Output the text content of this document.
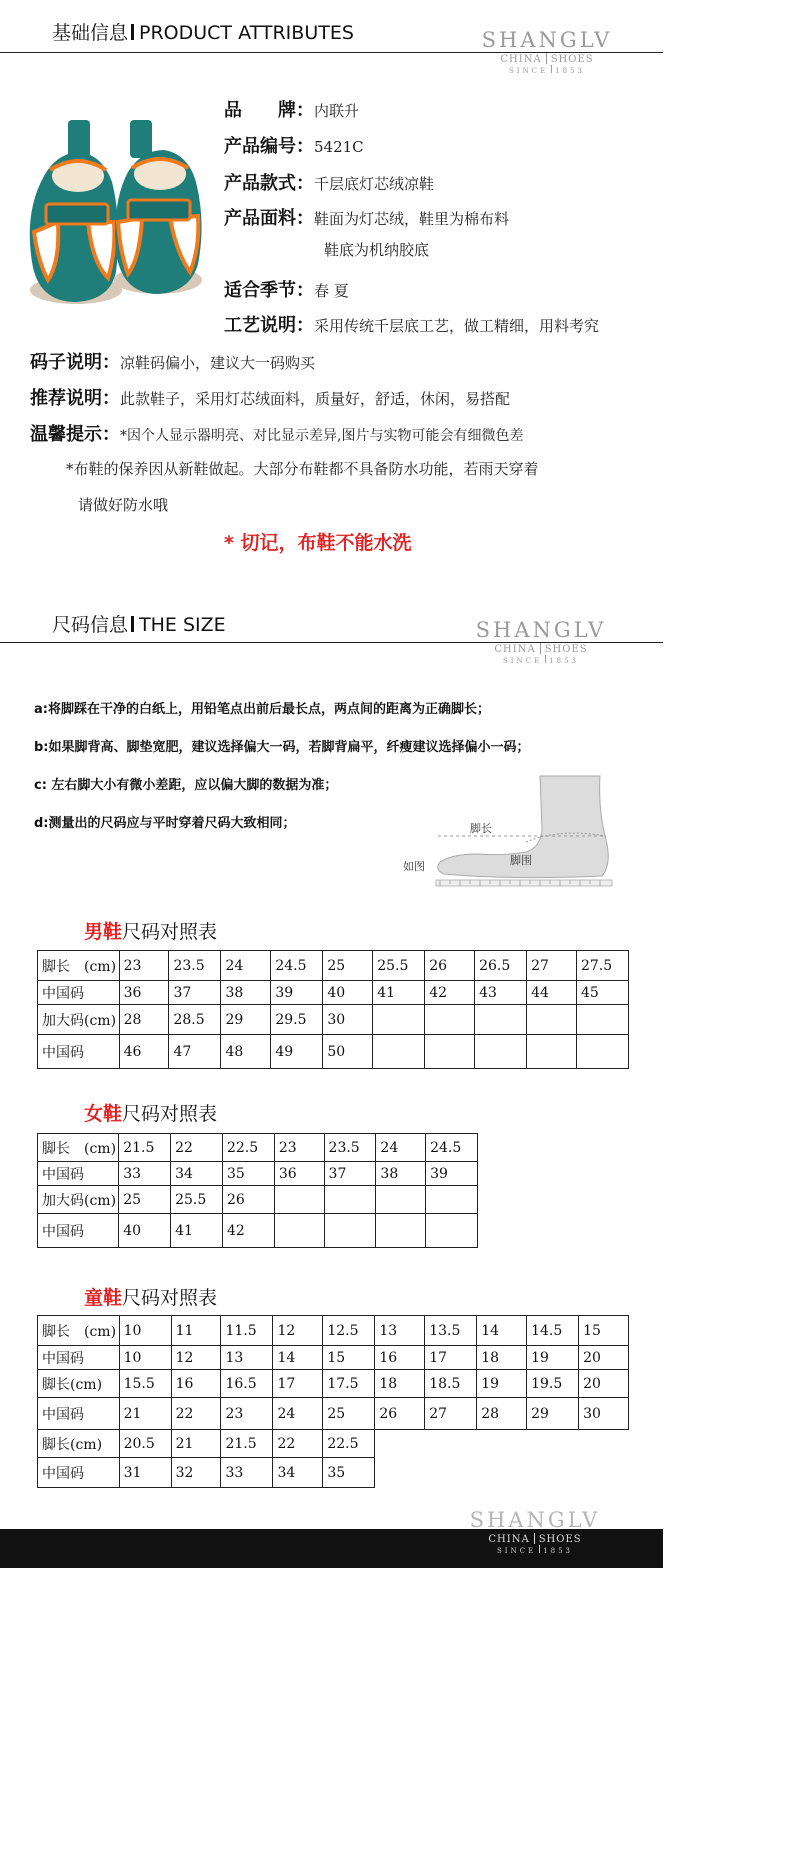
基础信息 PRODUCT ATTRIBUTES	SHANGLV
CHINA SHOES
SINCE 1853
品　　牌：内联升
产品编号：5421C
产品款式：千层底灯芯绒凉鞋
产品面料：鞋面为灯芯绒，鞋里为棉布料
鞋底为机纳胶底
适合季节：春 夏
工艺说明：采用传统千层底工艺，做工精细，用料考究
码子说明：凉鞋码偏小，建议大一码购买
推荐说明：此款鞋子，采用灯芯绒面料，质量好，舒适，休闲，易搭配
温馨提示：*因个人显示器明亮、对比显示差异,图片与实物可能会有细微色差
*布鞋的保养因从新鞋做起。大部分布鞋都不具备防水功能，若雨天穿着
请做好防水哦
* 切记，布鞋不能水洗
尺码信息 THE SIZE	SHANGLV
CHINA SHOES
SINCE 1853
a:将脚踩在干净的白纸上，用铅笔点出前后最长点，两点间的距离为正确脚长；
b:如果脚背高、脚垫宽肥，建议选择偏大一码，若脚背扁平，纤瘦建议选择偏小一码；
c: 左右脚大小有微小差距，应以偏大脚的数据为准；
d:测量出的尺码应与平时穿着尺码大致相同；	脚长
脚围
如图
男鞋尺码对照表
脚长　(cm)	23	23.5	24	24.5	25	25.5	26	26.5	27	27.5
中国码	36	37	38	39	40	41	42	43	44	45
加大码(cm)	28	28.5	29	29.5	30					
中国码	46	47	48	49	50					
女鞋尺码对照表
脚长　(cm)	21.5	22	22.5	23	23.5	24	24.5
中国码	33	34	35	36	37	38	39
加大码(cm)	25	25.5	26				
中国码	40	41	42				
童鞋尺码对照表
脚长　(cm)	10	11	11.5	12	12.5	13	13.5	14	14.5	15
中国码	10	12	13	14	15	16	17	18	19	20
脚长(cm)	15.5	16	16.5	17	17.5	18	18.5	19	19.5	20
中国码	21	22	23	24	25	26	27	28	29	30
脚长(cm)	20.5	21	21.5	22	22.5					
中国码	31	32	33	34	35					
SHANGLV
CHINA SHOES
SINCE 1853
